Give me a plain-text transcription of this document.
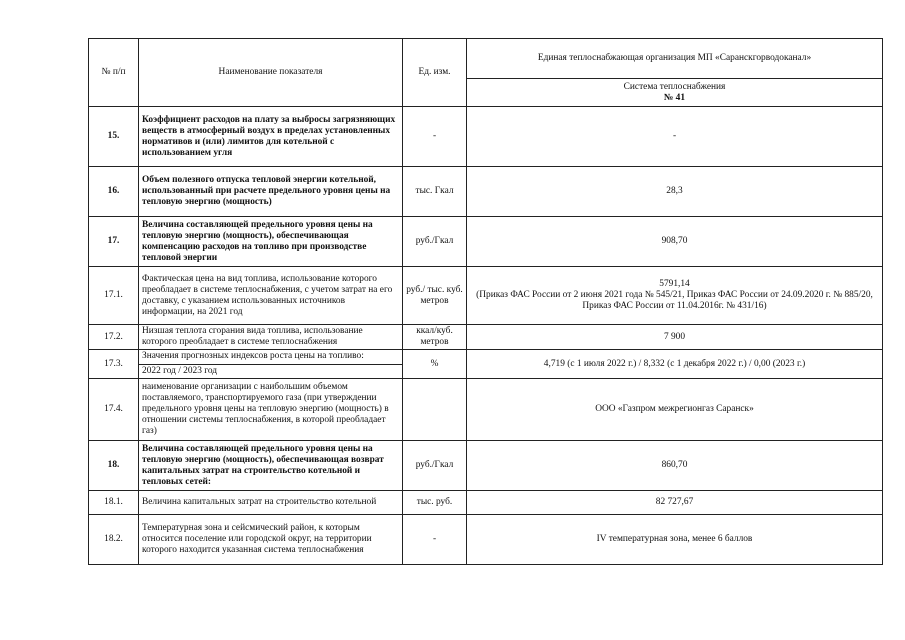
№ п/п	Наименование показателя	Ед. изм.	Единая теплоснабжающая организация МП «Саранскгорводоканал»

			Система теплоснабжения
№ 41

15.	Коэффициент расходов на плату за выбросы загрязняющих веществ в атмосферный воздух в пределах установленных нормативов и (или) лимитов для котельной с использованием угля	-	-
16.	Объем полезного отпуска тепловой энергии котельной, использованный при расчете предельного уровня цены на тепловую энергию (мощность)	тыс. Гкал	28,3
17.	Величина составляющей предельного уровня цены на тепловую энергию (мощность), обеспечивающая компенсацию расходов на топливо при производстве тепловой энергии	руб./Гкал	908,70
17.1.	Фактическая цена на вид топлива, использование которого преобладает в системе теплоснабжения, с учетом затрат на его доставку, с указанием использованных источников информации, на 2021 год	руб./ тыс. куб. метров	5791,14
(Приказ ФАС России от 2 июня 2021 года № 545/21, Приказ ФАС России от 24.09.2020 г. № 885/20, Приказ ФАС России от 11.04.2016г. № 431/16)

17.2.	Низшая теплота сгорания вида топлива, использование которого преобладает в системе теплоснабжения	ккал/куб. метров	7 900
17.3.	Значения прогнозных индексов роста цены на топливо:
2022 год / 2023 год	%	4,719 (с 1 июля 2022 г.) / 8,332 (с 1 декабря 2022 г.) / 0,00 (2023 г.)
17.4.	наименование организации с наибольшим объемом поставляемого, транспортируемого газа (при утверждении предельного уровня цены на тепловую энергию (мощность) в отношении системы теплоснабжения, в которой преобладает газ)		ООО «Газпром межрегионгаз Саранск»
18.	Величина составляющей предельного уровня цены на тепловую энергию (мощность), обеспечивающая возврат капитальных затрат на строительство котельной и тепловых сетей:	руб./Гкал	860,70
18.1.	Величина капитальных затрат на строительство котельной	тыс. руб.	82 727,67
18.2.	Температурная зона и сейсмический район, к которым относится поселение или городской округ, на территории которого находится указанная система теплоснабжения	-	IV температурная зона, менее 6 баллов
